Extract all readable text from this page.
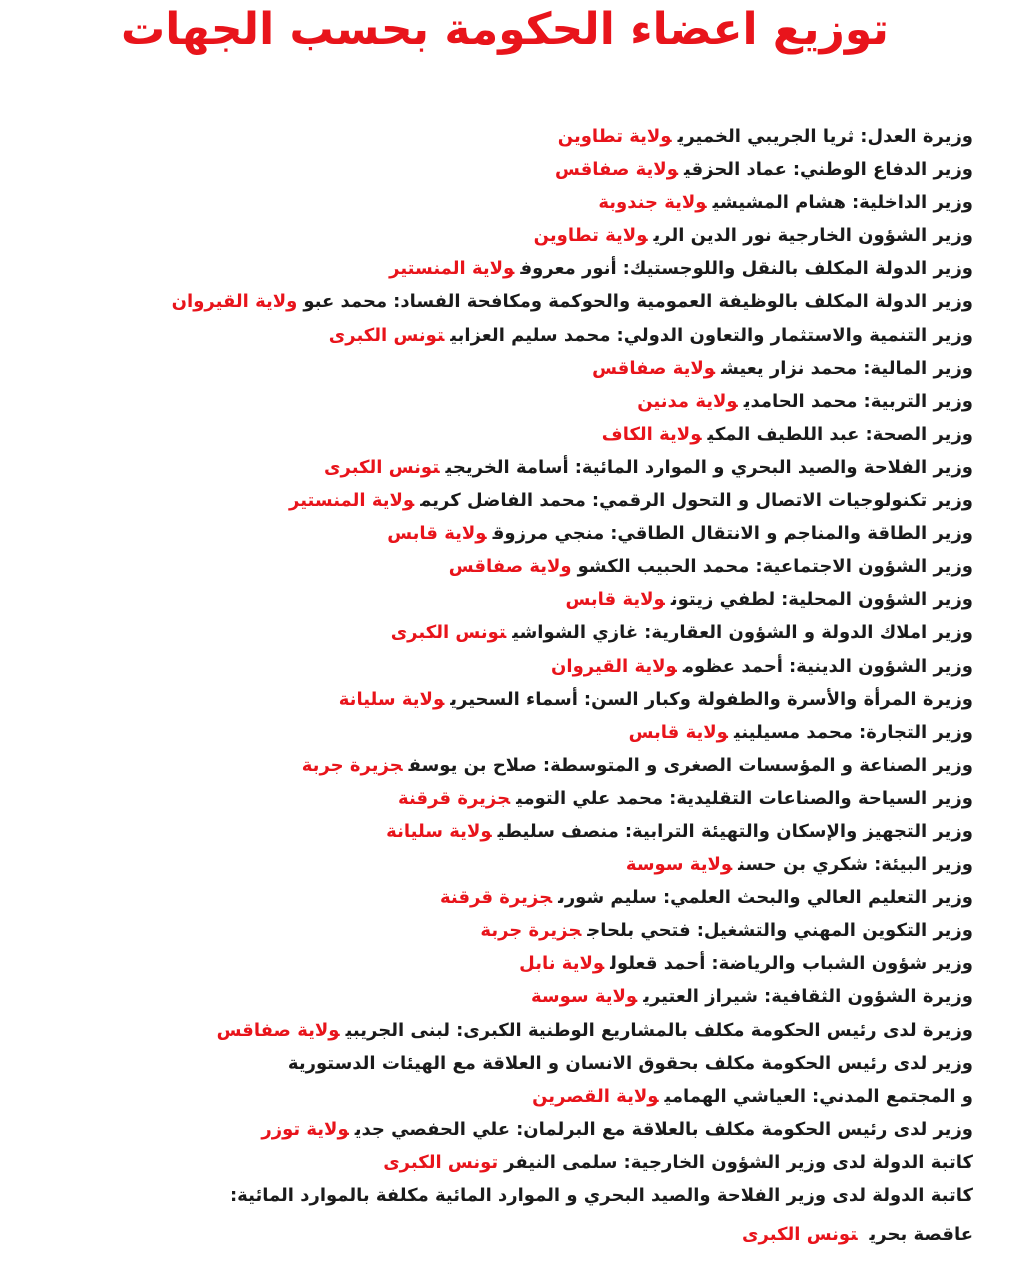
توزيع اعضاء الحكومة بحسب الجهات
وزيرة العدل:ثريا الجريبي الخميريولاية تطاوين
وزير الدفاع الوطني:عماد الحزقيولاية صفاقس
وزير الداخلية:هشام المشيشيولاية جندوبة
وزير الشؤون الخارجيةنور الدين الريولاية تطاوين
وزير الدولة المكلف بالنقل واللوجستيك:أنور معروفولاية المنستير
وزير الدولة المكلف بالوظيفة العمومية والحوكمة ومكافحة الفساد:محمد عبوولاية القيروان
وزير التنمية والاستثمار والتعاون الدولي:محمد سليم العزابيتونس الكبرى
وزير المالية:محمد نزار يعيشولاية صفاقس
وزير التربية:محمد الحامديولاية مدنين
وزير الصحة:عبد اللطيف المكيولاية الكاف
وزير الفلاحة والصيد البحري و الموارد المائية:أسامة الخريجيتونس الكبرى
وزير تكنولوجيات الاتصال و التحول الرقمي:محمد الفاضل كريمولاية المنستير
وزير الطاقة والمناجم و الانتقال الطاقي:منجي مرزوقولاية قابس
وزير الشؤون الاجتماعية:محمد الحبيب الكشوولاية صفاقس
وزير الشؤون المحلية:لطفي زيتونولاية قابس
وزير املاك الدولة و الشؤون العقارية:غازي الشواشيتونس الكبرى
وزير الشؤون الدينية:أحمد عظومولاية القيروان
وزيرة المرأة والأسرة والطفولة وكبار السن:أسماء السحيريولاية سليانة
وزير التجارة:محمد مسيلينيولاية قابس
وزير الصناعة و المؤسسات الصغرى و المتوسطة:صلاح بن يوسفجزيرة جربة
وزير السياحة والصناعات التقليدية:محمد علي التوميجزيرة قرقنة
وزير التجهيز والإسكان والتهيئة الترابية:منصف سليطيولاية سليانة
وزير البيئة:شكري بن حسنولاية سوسة
وزير التعليم العالي والبحث العلمي:سليم شورىجزيرة قرقنة
وزير التكوين المهني والتشغيل:فتحي بلحاججزيرة جربة
وزير شؤون الشباب والرياضة:أحمد قعلولولاية نابل
وزيرة الشؤون الثقافية:شيراز العتيريولاية سوسة
وزيرة لدى رئيس الحكومة مكلف بالمشاريع الوطنية الكبرى:لبنى الجريبيولاية صفاقس
وزير لدى رئيس الحكومة مكلف بحقوق الانسان و العلاقة مع الهيئات الدستورية
و المجتمع المدني:العياشي الهماميولاية القصرين
وزير لدى رئيس الحكومة مكلف بالعلاقة مع البرلمان:علي الحفصي جديولاية توزر
كاتبة الدولة لدى وزير الشؤون الخارجية:سلمى النيفرتونس الكبرى
كاتبة الدولة لدى وزير الفلاحة والصيد البحري و الموارد المائية مكلفة بالموارد المائية:
عاقصة بحريتونس الكبرى
